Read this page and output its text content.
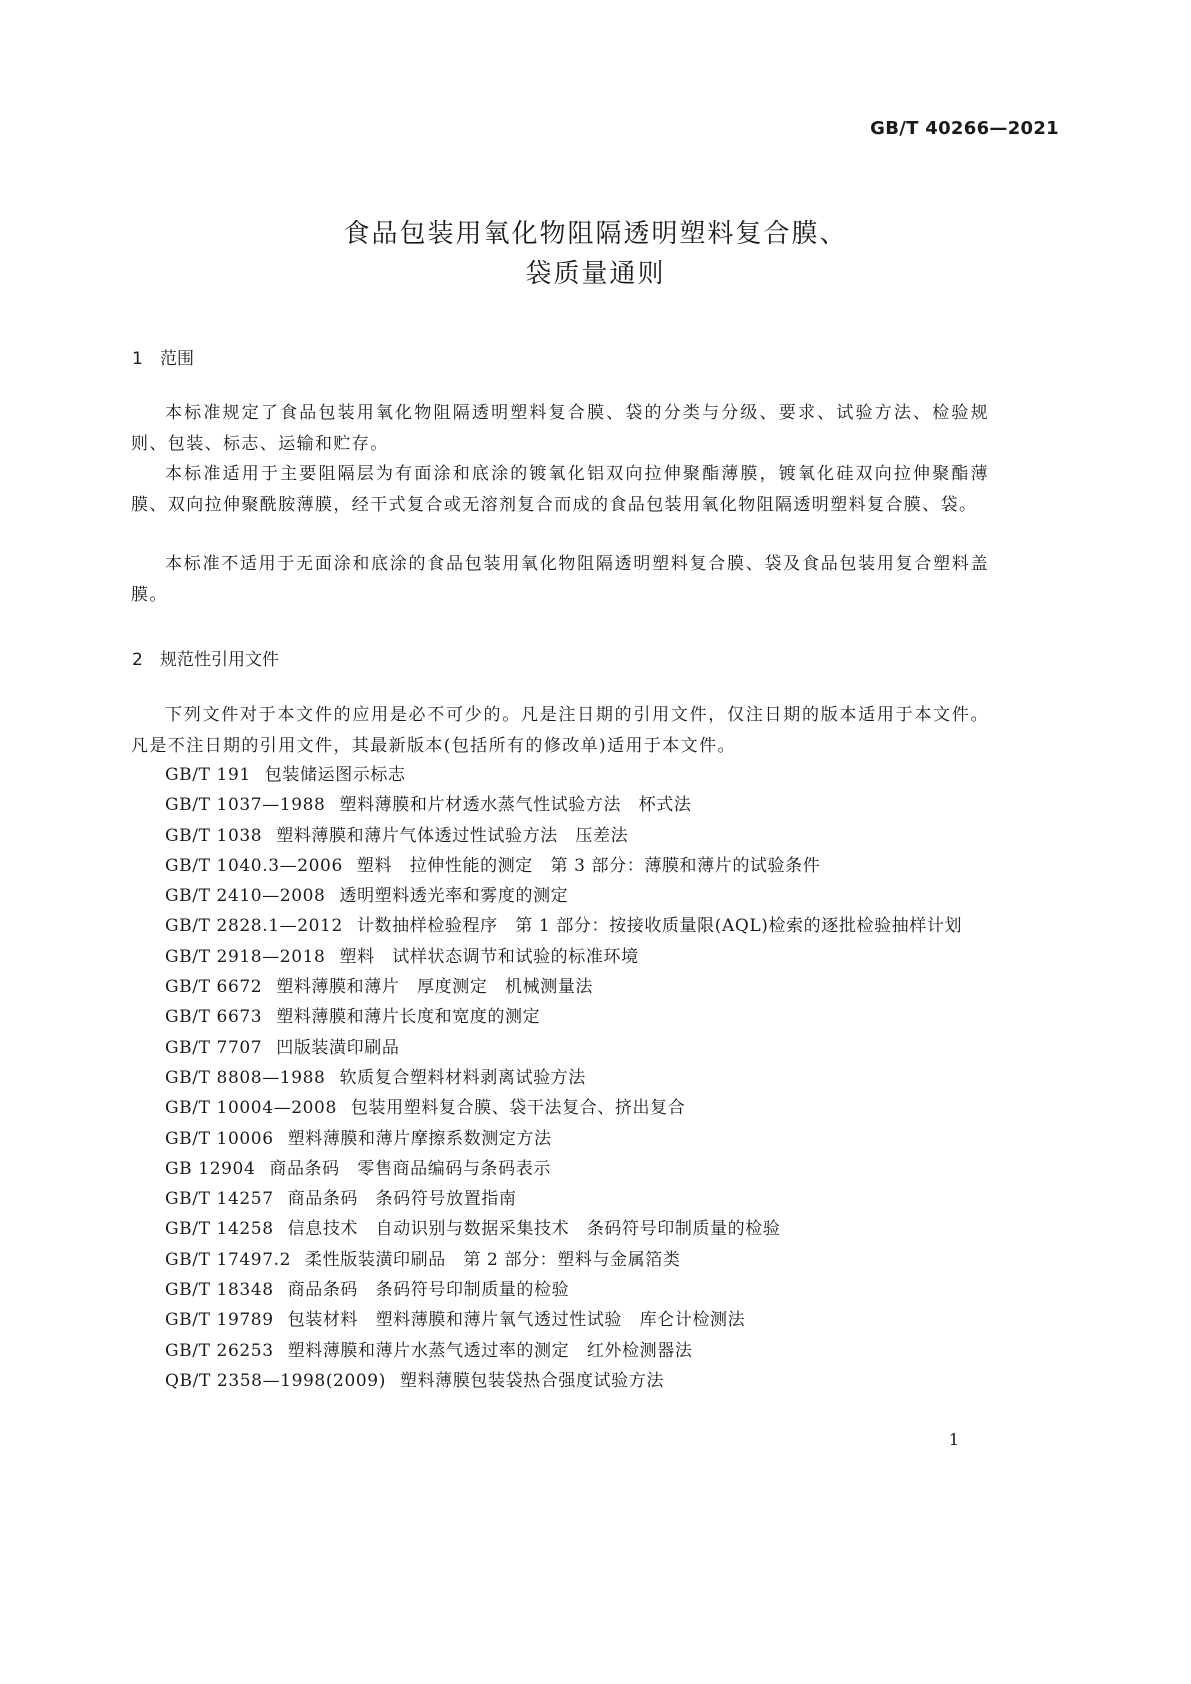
GB/T 40266—2021
食品包装用氧化物阻隔透明塑料复合膜、
袋质量通则
1 范围

本标准规定了食品包装用氧化物阻隔透明塑料复合膜、袋的分类与分级、要求、试验方法、检验规则、包装、标志、运输和贮存。

本标准适用于主要阻隔层为有面涂和底涂的镀氧化铝双向拉伸聚酯薄膜，镀氧化硅双向拉伸聚酯薄膜、双向拉伸聚酰胺薄膜，经干式复合或无溶剂复合而成的食品包装用氧化物阻隔透明塑料复合膜、袋。

本标准不适用于无面涂和底涂的食品包装用氧化物阻隔透明塑料复合膜、袋及食品包装用复合塑料盖膜。

2 规范性引用文件

下列文件对于本文件的应用是必不可少的。凡是注日期的引用文件，仅注日期的版本适用于本文件。凡是不注日期的引用文件，其最新版本(包括所有的修改单)适用于本文件。

GB/T 191 包装储运图示标志

GB/T 1037—1988 塑料薄膜和片材透水蒸气性试验方法　杯式法

GB/T 1038 塑料薄膜和薄片气体透过性试验方法　压差法

GB/T 1040.3—2006 塑料　拉伸性能的测定　第 3 部分：薄膜和薄片的试验条件

GB/T 2410—2008 透明塑料透光率和雾度的测定

GB/T 2828.1—2012 计数抽样检验程序　第 1 部分：按接收质量限(AQL)检索的逐批检验抽样计划

GB/T 2918—2018 塑料　试样状态调节和试验的标准环境

GB/T 6672 塑料薄膜和薄片　厚度测定　机械测量法

GB/T 6673 塑料薄膜和薄片长度和宽度的测定

GB/T 7707 凹版装潢印刷品

GB/T 8808—1988 软质复合塑料材料剥离试验方法

GB/T 10004—2008 包装用塑料复合膜、袋干法复合、挤出复合

GB/T 10006 塑料薄膜和薄片摩擦系数测定方法

GB 12904 商品条码　零售商品编码与条码表示

GB/T 14257 商品条码　条码符号放置指南

GB/T 14258 信息技术　自动识别与数据采集技术　条码符号印制质量的检验

GB/T 17497.2 柔性版装潢印刷品　第 2 部分：塑料与金属箔类

GB/T 18348 商品条码　条码符号印制质量的检验

GB/T 19789 包装材料　塑料薄膜和薄片氧气透过性试验　库仑计检测法

GB/T 26253 塑料薄膜和薄片水蒸气透过率的测定　红外检测器法

QB/T 2358—1998(2009) 塑料薄膜包装袋热合强度试验方法

1
